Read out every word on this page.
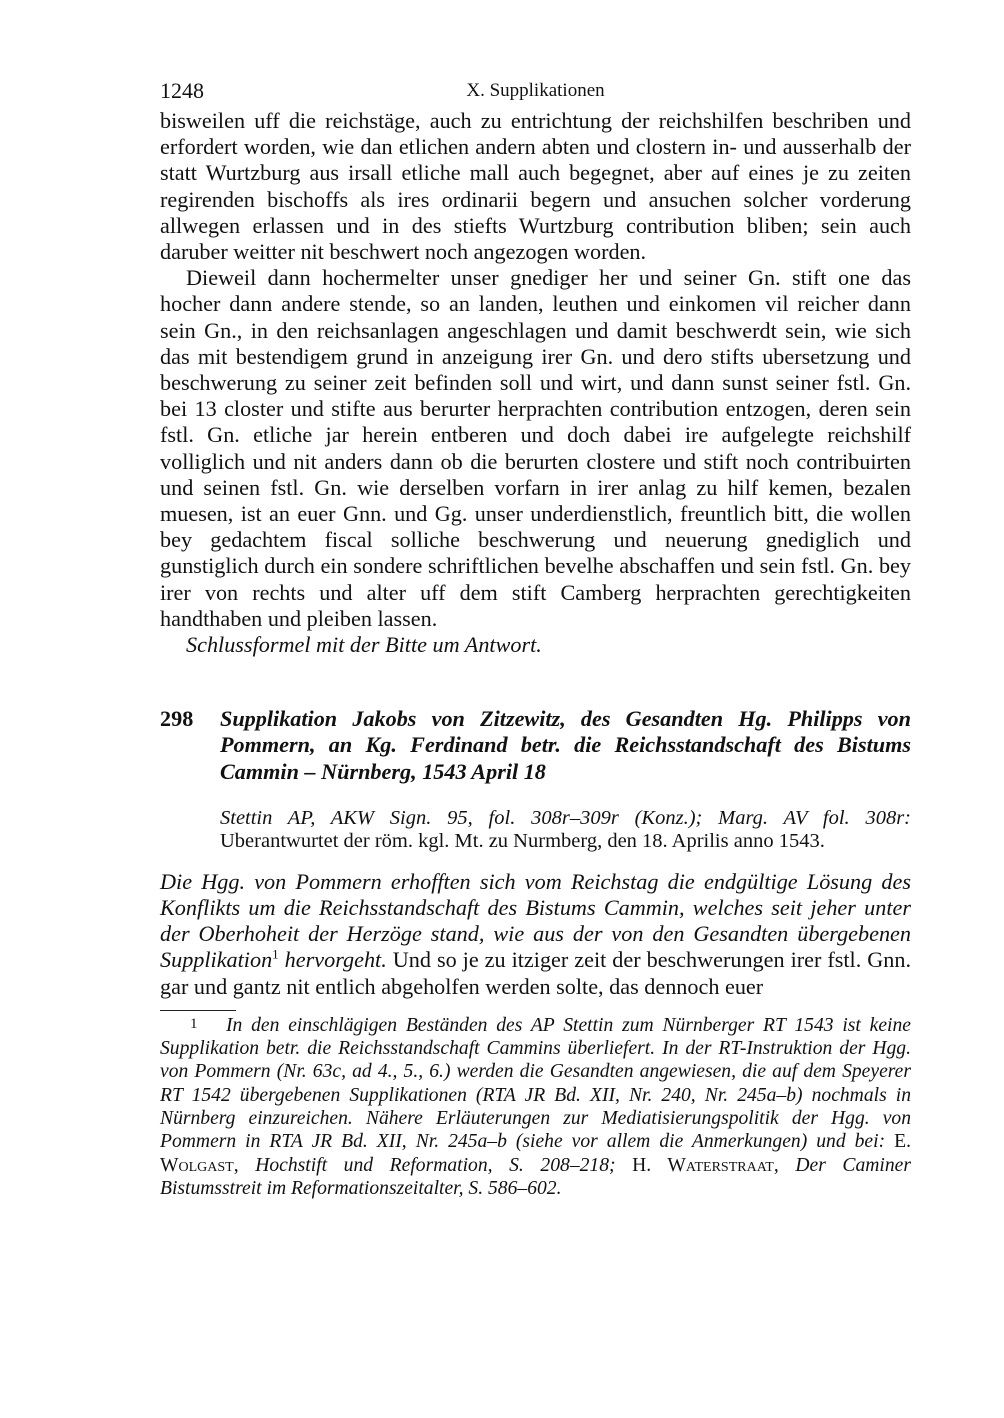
1248	X. Supplikationen

bisweilen uff die reichstäge, auch zu entrichtung der reichshilfen beschriben und erfordert worden, wie dan etlichen andern abten und clostern in- und ausserhalb der statt Wurtzburg aus irsall etliche mall auch begegnet, aber auf eines je zu zeiten regirenden bischoffs als ires ordinarii begern und ansuchen solcher vorderung allwegen erlassen und in des stiefts Wurtzburg contribution bliben; sein auch daruber weitter nit beschwert noch angezogen worden.

Dieweil dann hochermelter unser gnediger her und seiner Gn. stift one das hocher dann andere stende, so an landen, leuthen und einkomen vil reicher dann sein Gn., in den reichsanlagen angeschlagen und damit beschwerdt sein, wie sich das mit bestendigem grund in anzeigung irer Gn. und dero stifts ubersetzung und beschwerung zu seiner zeit befinden soll und wirt, und dann sunst seiner fstl. Gn. bei 13 closter und stifte aus berurter herprachten contribution entzogen, deren sein fstl. Gn. etliche jar herein entberen und doch dabei ire aufgelegte reichshilf volliglich und nit anders dann ob die berurten clostere und stift noch contribuirten und seinen fstl. Gn. wie derselben vorfarn in irer anlag zu hilf kemen, bezalen muesen, ist an euer Gnn. und Gg. unser underdienstlich, freuntlich bitt, die wollen bey gedachtem fiscal solliche beschwerung und neuerung gnediglich und gunstiglich durch ein sondere schriftlichen bevelhe abschaffen und sein fstl. Gn. bey irer von rechts und alter uff dem stift Camberg herprachten gerechtigkeiten handthaben und pleiben lassen.

Schlussformel mit der Bitte um Antwort.

298	Supplikation Jakobs von Zitzewitz, des Gesandten Hg. Philipps von Pommern, an Kg. Ferdinand betr. die Reichsstandschaft des Bistums Cammin – Nürnberg, 1543 April 18
Stettin AP, AKW Sign. 95, fol. 308r–309r (Konz.); Marg. AV fol. 308r: Uberantwurtet der röm. kgl. Mt. zu Nurmberg, den 18. Aprilis anno 1543.
Die Hgg. von Pommern erhofften sich vom Reichstag die endgültige Lösung des Konflikts um die Reichsstandschaft des Bistums Cammin, welches seit jeher unter der Oberhoheit der Herzöge stand, wie aus der von den Gesandten übergebenen Supplikation$^1$ hervorgeht. Und so je zu itziger zeit der beschwerungen irer fstl. Gnn. gar und gantz nit entlich abgeholfen werden solte, das dennoch euer
1 In den einschlägigen Beständen des AP Stettin zum Nürnberger RT 1543 ist keine Supplikation betr. die Reichsstandschaft Cammins überliefert. In der RT-Instruktion der Hgg. von Pommern (Nr. 63c, ad 4., 5., 6.) werden die Gesandten angewiesen, die auf dem Speyerer RT 1542 übergebenen Supplikationen (RTA JR Bd. XII, Nr. 240, Nr. 245a–b) nochmals in Nürnberg einzureichen. Nähere Erläuterungen zur Mediatisierungspolitik der Hgg. von Pommern in RTA JR Bd. XII, Nr. 245a–b (siehe vor allem die Anmerkungen) und bei: E. Wolgast, Hochstift und Reformation, S. 208–218; H. Waterstraat, Der Caminer Bistumsstreit im Reformationszeitalter, S. 586–602.
